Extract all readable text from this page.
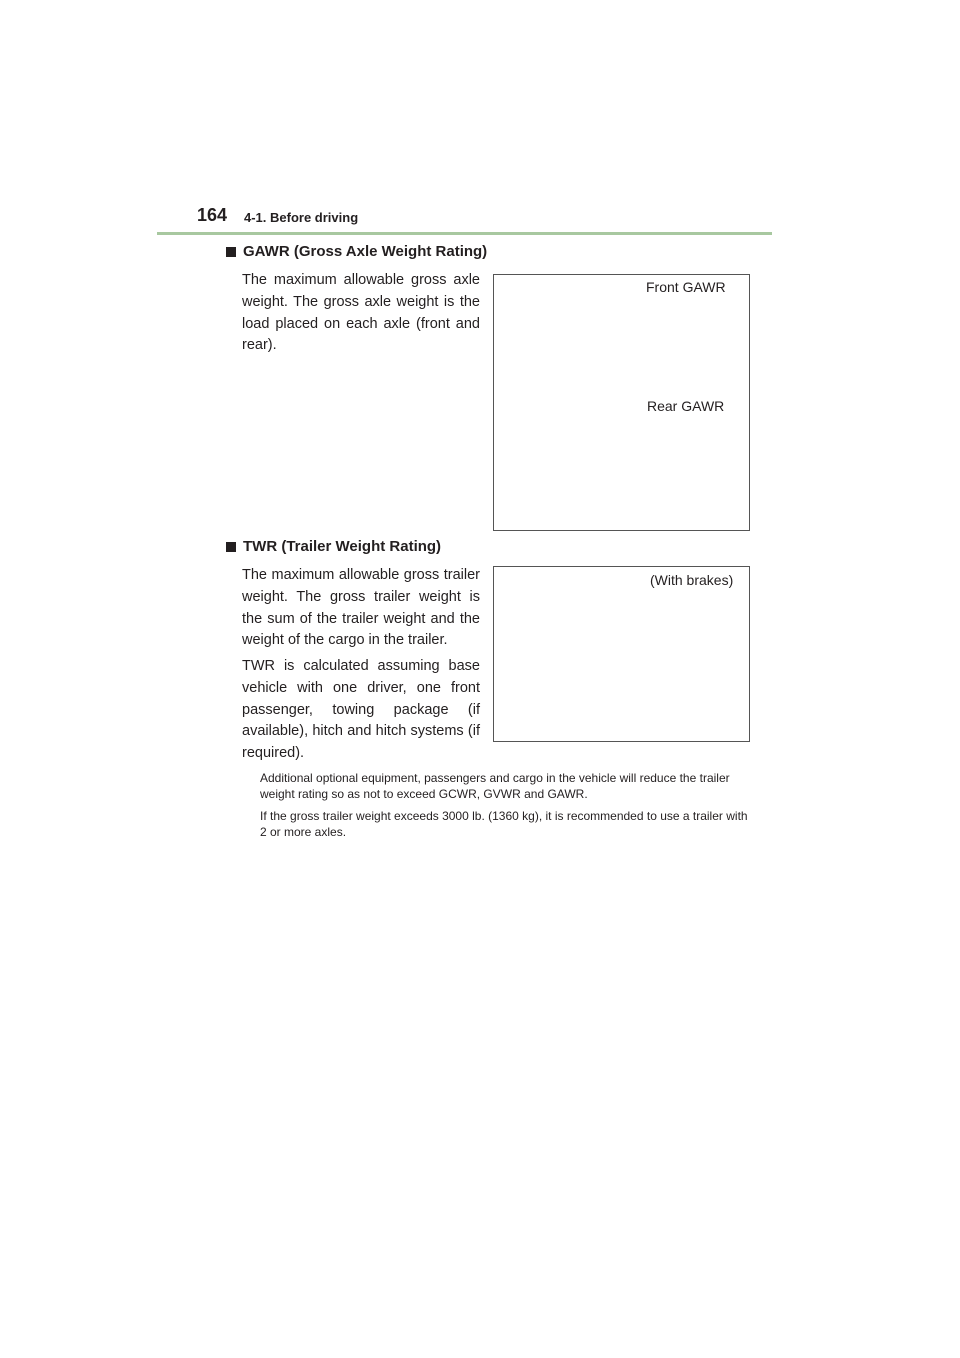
164 4-1. Before driving
GAWR (Gross Axle Weight Rating)

The maximum allowable gross axle weight. The gross axle weight is the load placed on each axle (front and rear).

Front GAWR
Rear GAWR
TWR (Trailer Weight Rating)

The maximum allowable gross trailer weight. The gross trailer weight is the sum of the trailer weight and the weight of the cargo in the trailer.

TWR is calculated assuming base vehicle with one driver, one front passenger, towing package (if available), hitch and hitch systems (if required).

(With brakes)

Additional optional equipment, passengers and cargo in the vehicle will reduce the trailer weight rating so as not to exceed GCWR, GVWR and GAWR.

If the gross trailer weight exceeds 3000 lb. (1360 kg), it is recommended to use a trailer with 2 or more axles.
